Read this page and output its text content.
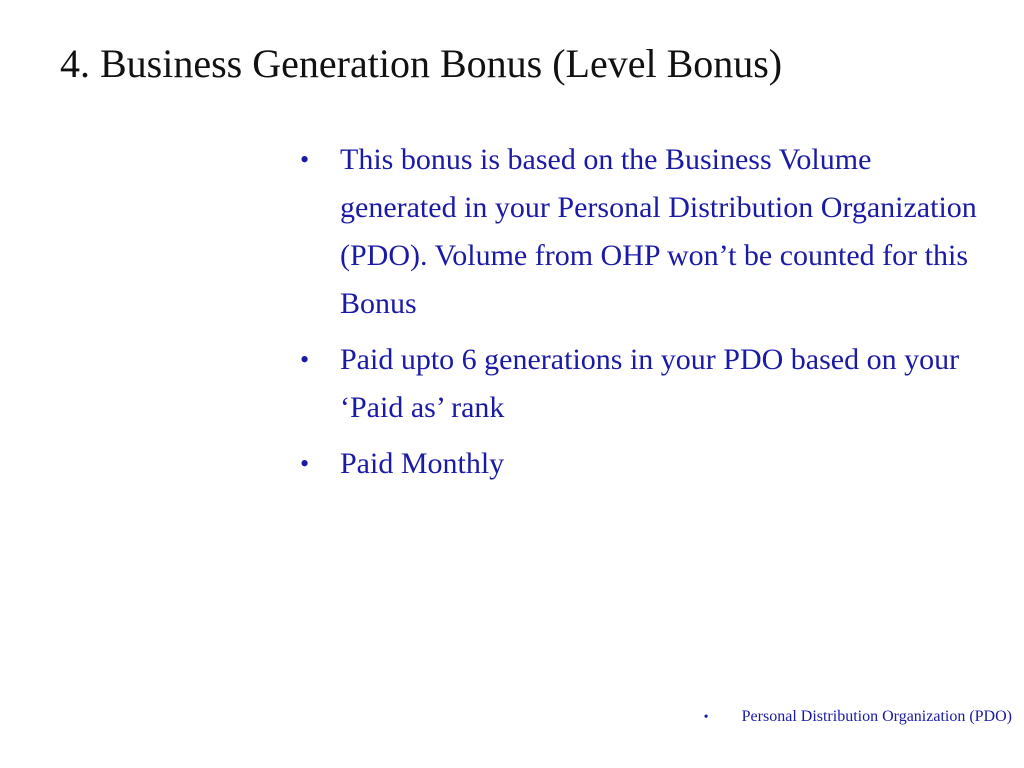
4. Business Generation Bonus (Level Bonus)
• This bonus is based on the Business Volume generated in your Personal Distribution Organization (PDO). Volume from OHP won’t be counted for this Bonus
• Paid upto 6 generations in your PDO based on your ‘Paid as’ rank
• Paid Monthly
• Personal Distribution Organization (PDO)
